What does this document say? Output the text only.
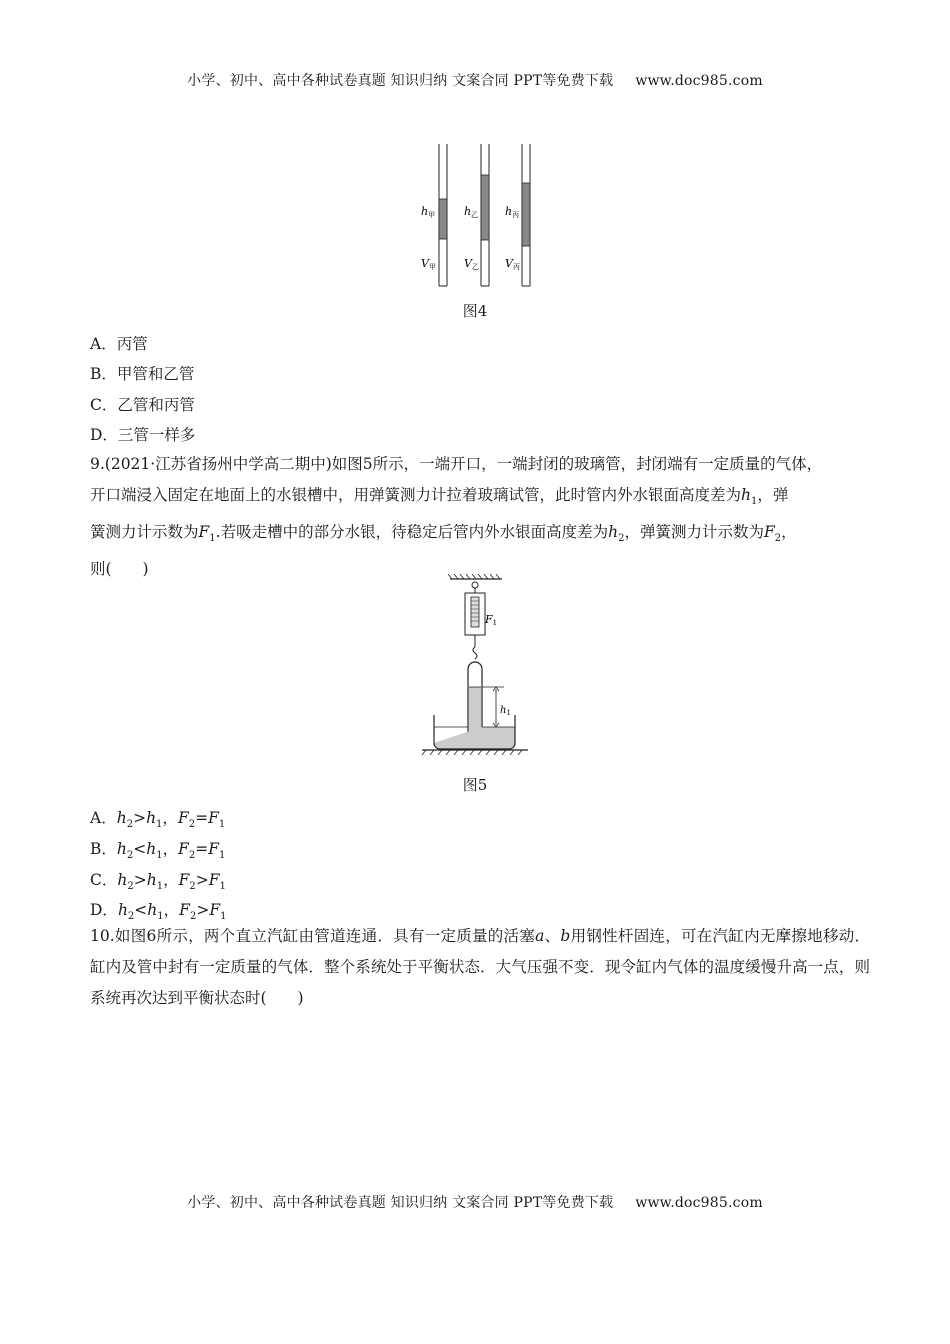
小学、初中、高中各种试卷真题 知识归纳 文案合同 PPT等免费下载 www.doc985.com
h甲
V甲
h乙
V乙
h丙
V丙
图4
A．丙管
B．甲管和乙管
C．乙管和丙管
D．三管一样多
9.(2021·江苏省扬州中学高二期中)如图5所示，一端开口，一端封闭的玻璃管，封闭端有一定质量的气体，
开口端浸入固定在地面上的水银槽中，用弹簧测力计拉着玻璃试管，此时管内外水银面高度差为$h_1$，弹
簧测力计示数为$F_1$.若吸走槽中的部分水银，待稳定后管内外水银面高度差为$h_2$，弹簧测力计示数为$F_2$，
则(　　)
F1
$h_1$
图5
A．$h_2>h_1$，$F_2=F_1$
B．$h_2<h_1$，$F_2=F_1$
C．$h_2>h_1$，$F_2>F_1$
D．$h_2<h_1$，$F_2>F_1$
10.如图6所示，两个直立汽缸由管道连通．具有一定质量的活塞a、b用钢性杆固连，可在汽缸内无摩擦地移动．缸内及管中封有一定质量的气体．整个系统处于平衡状态．大气压强不变．现令缸内气体的温度缓慢升高一点，则系统再次达到平衡状态时(　　)
小学、初中、高中各种试卷真题 知识归纳 文案合同 PPT等免费下载 www.doc985.com
